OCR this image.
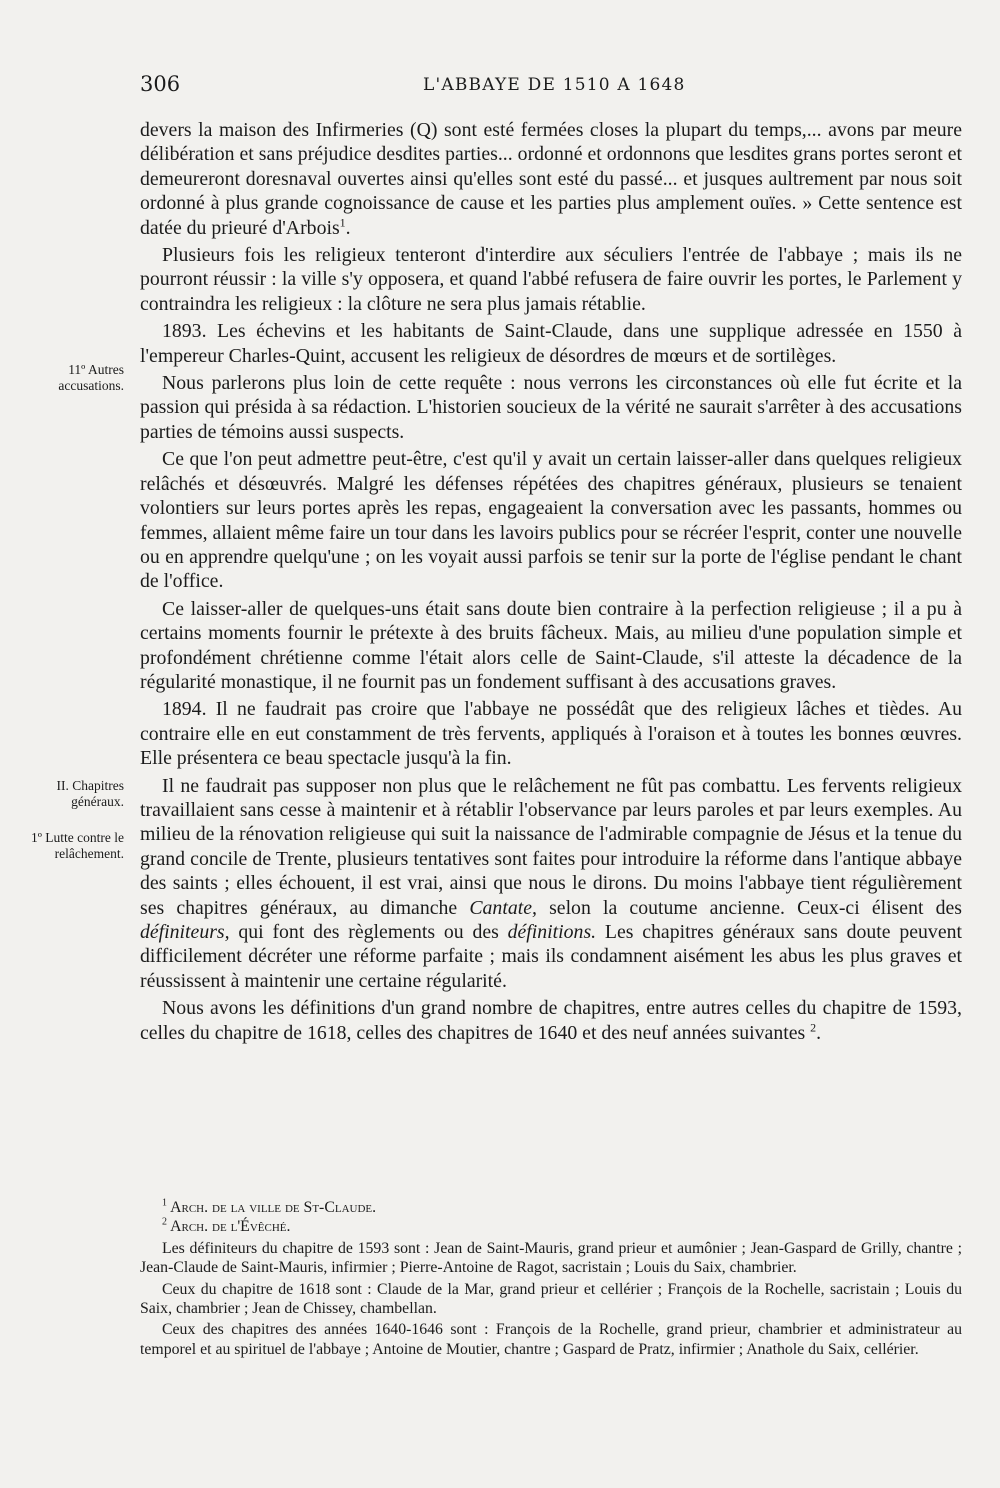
306	L'ABBAYE DE 1510 A 1648
11º Autres accusations.
II. Chapitres généraux.
1º Lutte contre le relâchement.

devers la maison des Infirmeries (Q) sont esté fermées closes la plupart du temps,... avons par meure délibération et sans préjudice desdites parties... ordonné et ordonnons que lesdites grans portes seront et demeureront doresnaval ouvertes ainsi qu'elles sont esté du passé... et jusques aultrement par nous soit ordonné à plus grande cognoissance de cause et les parties plus amplement ouïes. » Cette sentence est datée du prieuré d'Arbois$^1$.

Plusieurs fois les religieux tenteront d'interdire aux séculiers l'entrée de l'abbaye ; mais ils ne pourront réussir : la ville s'y opposera, et quand l'abbé refusera de faire ouvrir les portes, le Parlement y contraindra les religieux : la clôture ne sera plus jamais rétablie.

1893. Les échevins et les habitants de Saint-Claude, dans une supplique adressée en 1550 à l'empereur Charles-Quint, accusent les religieux de désordres de mœurs et de sortilèges.

Nous parlerons plus loin de cette requête : nous verrons les circonstances où elle fut écrite et la passion qui présida à sa rédaction. L'historien soucieux de la vérité ne saurait s'arrêter à des accusations parties de témoins aussi suspects.

Ce que l'on peut admettre peut-être, c'est qu'il y avait un certain laisser-aller dans quelques religieux relâchés et désœuvrés. Malgré les défenses répétées des chapitres généraux, plusieurs se tenaient volontiers sur leurs portes après les repas, engageaient la conversation avec les passants, hommes ou femmes, allaient même faire un tour dans les lavoirs publics pour se récréer l'esprit, conter une nouvelle ou en apprendre quelqu'une ; on les voyait aussi parfois se tenir sur la porte de l'église pendant le chant de l'office.

Ce laisser-aller de quelques-uns était sans doute bien contraire à la perfection religieuse ; il a pu à certains moments fournir le prétexte à des bruits fâcheux. Mais, au milieu d'une population simple et profondément chrétienne comme l'était alors celle de Saint-Claude, s'il atteste la décadence de la régularité monastique, il ne fournit pas un fondement suffisant à des accusations graves.

1894. Il ne faudrait pas croire que l'abbaye ne possédât que des religieux lâches et tièdes. Au contraire elle en eut constamment de très fervents, appliqués à l'oraison et à toutes les bonnes œuvres. Elle présentera ce beau spectacle jusqu'à la fin.

Il ne faudrait pas supposer non plus que le relâchement ne fût pas combattu. Les fervents religieux travaillaient sans cesse à maintenir et à rétablir l'observance par leurs paroles et par leurs exemples. Au milieu de la rénovation religieuse qui suit la naissance de l'admirable compagnie de Jésus et la tenue du grand concile de Trente, plusieurs tentatives sont faites pour introduire la réforme dans l'antique abbaye des saints ; elles échouent, il est vrai, ainsi que nous le dirons. Du moins l'abbaye tient régulièrement ses chapitres généraux, au dimanche Cantate, selon la coutume ancienne. Ceux-ci élisent des définiteurs, qui font des règlements ou des définitions. Les chapitres généraux sans doute peuvent difficilement décréter une réforme parfaite ; mais ils condamnent aisément les abus les plus graves et réussissent à maintenir une certaine régularité.

Nous avons les définitions d'un grand nombre de chapitres, entre autres celles du chapitre de 1593, celles du chapitre de 1618, celles des chapitres de 1640 et des neuf années suivantes $^2$.

$^1$ Arch. de la ville de St-Claude.

$^2$ Arch. de l'Évêché.

Les définiteurs du chapitre de 1593 sont : Jean de Saint-Mauris, grand prieur et aumônier ; Jean-Gaspard de Grilly, chantre ; Jean-Claude de Saint-Mauris, infirmier ; Pierre-Antoine de Ragot, sacristain ; Louis du Saix, chambrier.

Ceux du chapitre de 1618 sont : Claude de la Mar, grand prieur et cellérier ; François de la Rochelle, sacristain ; Louis du Saix, chambrier ; Jean de Chissey, chambellan.

Ceux des chapitres des années 1640-1646 sont : François de la Rochelle, grand prieur, chambrier et administrateur au temporel et au spirituel de l'abbaye ; Antoine de Moutier, chantre ; Gaspard de Pratz, infirmier ; Anathole du Saix, cellérier.
